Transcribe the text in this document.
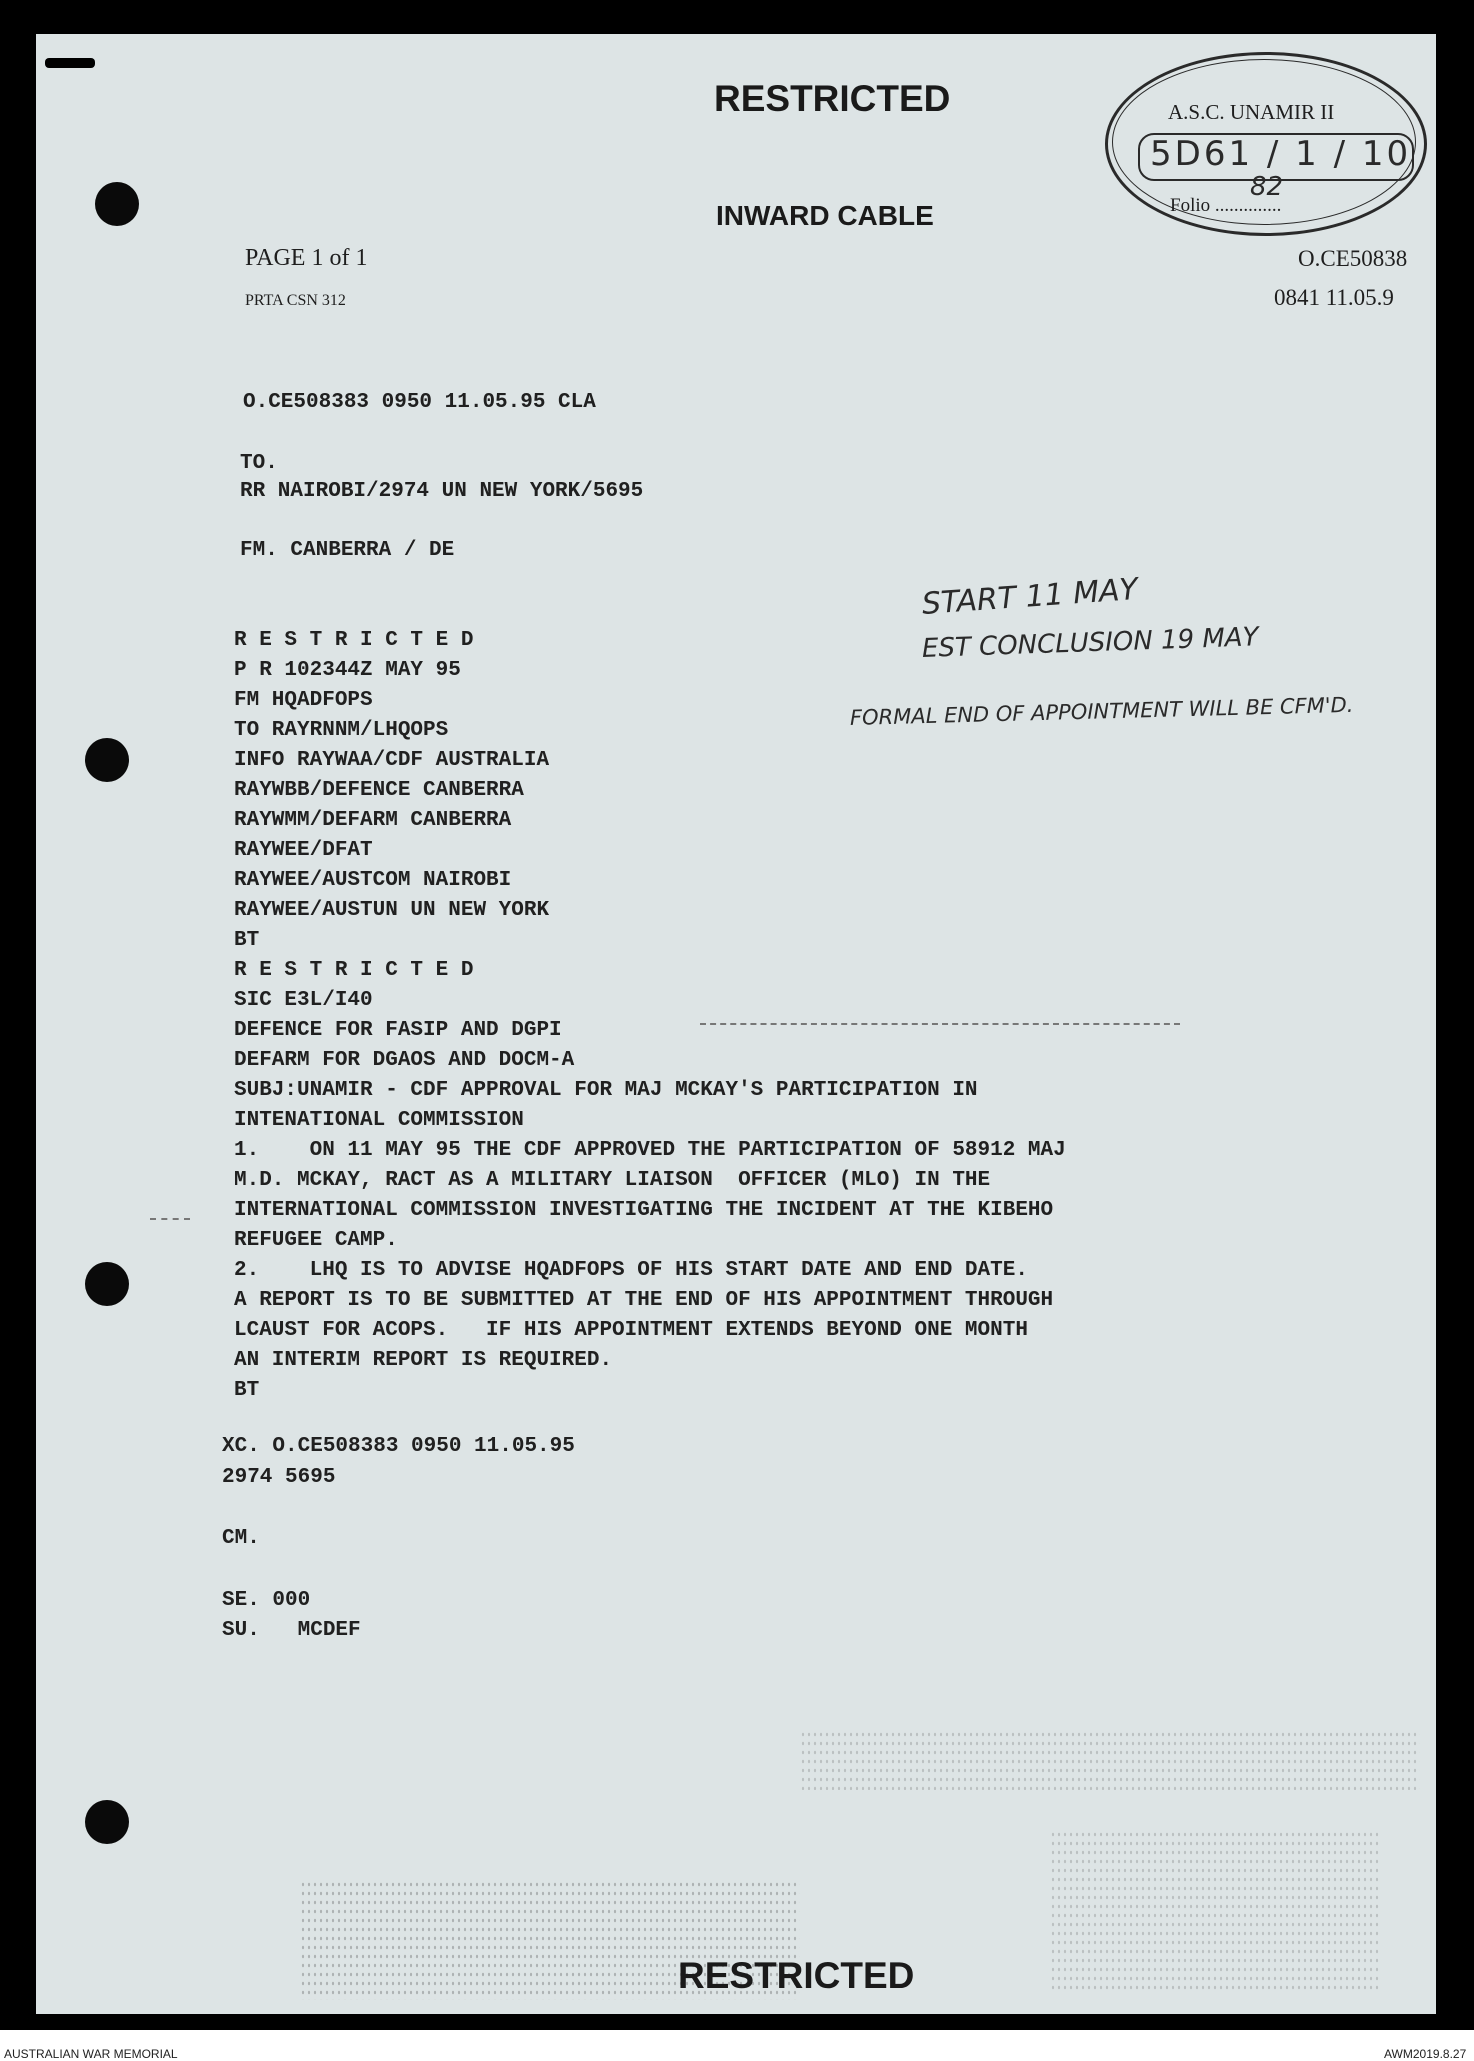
RESTRICTED
INWARD CABLE
PAGE 1 of 1
PRTA CSN 312
O.CE50838
0841 11.05.9
A.S.C. UNAMIR II
5D61 / 1 / 10
Folio ..............
82
START 11 MAY
EST CONCLUSION 19 MAY
FORMAL END OF APPOINTMENT WILL BE CFM'D.
O.CE508383 0950 11.05.95 CLA
TO.
RR NAIROBI/2974 UN NEW YORK/5695
FM. CANBERRA / DE
R E S T R I C T E D
P R 102344Z MAY 95
FM HQADFOPS
TO RAYRNNM/LHQOPS
INFO RAYWAA/CDF AUSTRALIA
RAYWBB/DEFENCE CANBERRA
RAYWMM/DEFARM CANBERRA
RAYWEE/DFAT
RAYWEE/AUSTCOM NAIROBI
RAYWEE/AUSTUN UN NEW YORK
BT
R E S T R I C T E D
SIC E3L/I40
DEFENCE FOR FASIP AND DGPI
DEFARM FOR DGAOS AND DOCM-A
SUBJ:UNAMIR - CDF APPROVAL FOR MAJ MCKAY'S PARTICIPATION IN
INTENATIONAL COMMISSION
1.    ON 11 MAY 95 THE CDF APPROVED THE PARTICIPATION OF 58912 MAJ
M.D. MCKAY, RACT AS A MILITARY LIAISON  OFFICER (MLO) IN THE
INTERNATIONAL COMMISSION INVESTIGATING THE INCIDENT AT THE KIBEHO
REFUGEE CAMP.
2.    LHQ IS TO ADVISE HQADFOPS OF HIS START DATE AND END DATE.
A REPORT IS TO BE SUBMITTED AT THE END OF HIS APPOINTMENT THROUGH
LCAUST FOR ACOPS.   IF HIS APPOINTMENT EXTENDS BEYOND ONE MONTH
AN INTERIM REPORT IS REQUIRED.
BT
XC. O.CE508383 0950 11.05.95
2974 5695
CM.
SE. 000
SU.   MCDEF
RESTRICTED
AUSTRALIAN WAR MEMORIAL	AWM2019.8.27
